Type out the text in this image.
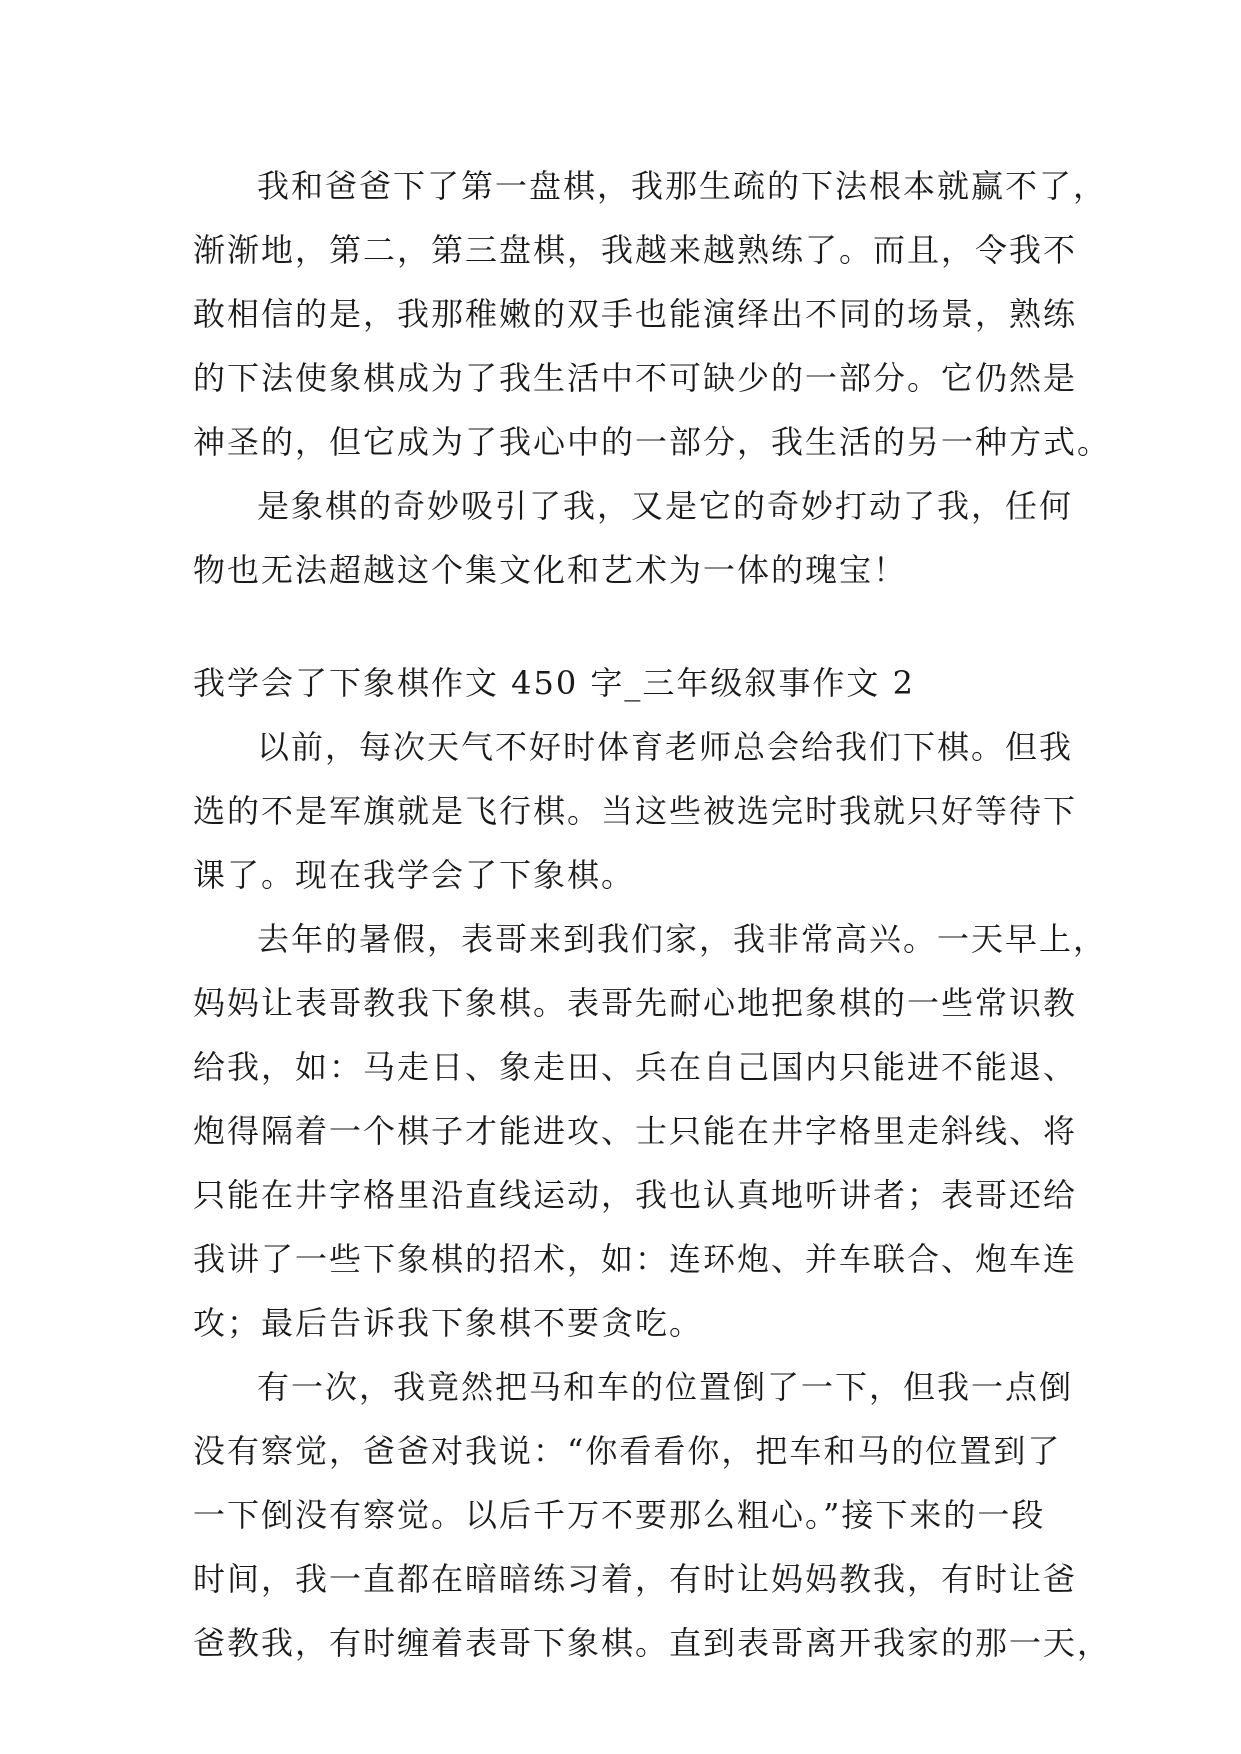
我和爸爸下了第一盘棋，我那生疏的下法根本就赢不了，
渐渐地，第二，第三盘棋，我越来越熟练了。而且，令我不
敢相信的是，我那稚嫩的双手也能演绎出不同的场景，熟练
的下法使象棋成为了我生活中不可缺少的一部分。它仍然是
神圣的，但它成为了我心中的一部分，我生活的另一种方式。
是象棋的奇妙吸引了我，又是它的奇妙打动了我，任何
物也无法超越这个集文化和艺术为一体的瑰宝！
我学会了下象棋作文 450 字_三年级叙事作文 2
以前，每次天气不好时体育老师总会给我们下棋。但我
选的不是军旗就是飞行棋。当这些被选完时我就只好等待下
课了。现在我学会了下象棋。
去年的暑假，表哥来到我们家，我非常高兴。一天早上，
妈妈让表哥教我下象棋。表哥先耐心地把象棋的一些常识教
给我，如：马走日、象走田、兵在自己国内只能进不能退、
炮得隔着一个棋子才能进攻、士只能在井字格里走斜线、将
只能在井字格里沿直线运动，我也认真地听讲者；表哥还给
我讲了一些下象棋的招术，如：连环炮、并车联合、炮车连
攻；最后告诉我下象棋不要贪吃。
有一次，我竟然把马和车的位置倒了一下，但我一点倒
没有察觉，爸爸对我说：“你看看你，把车和马的位置到了
一下倒没有察觉。以后千万不要那么粗心。”接下来的一段
时间，我一直都在暗暗练习着，有时让妈妈教我，有时让爸
爸教我，有时缠着表哥下象棋。直到表哥离开我家的那一天，
